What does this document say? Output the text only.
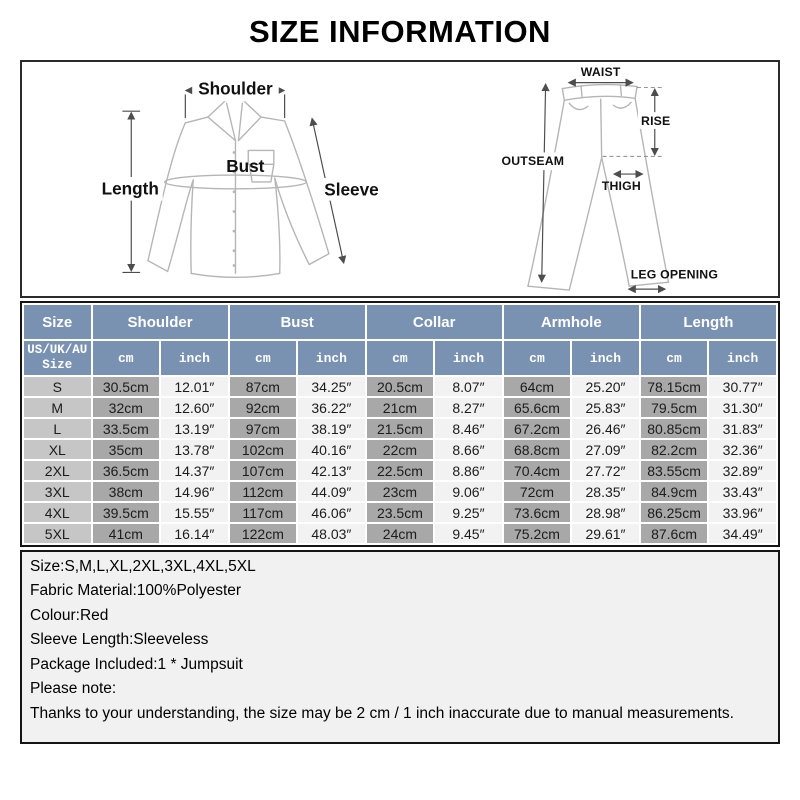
SIZE INFORMATION
Shoulder
Length
Bust
Sleeve
WAIST
RISE
OUTSEAM
THIGH
LEG OPENING
Size	Shoulder		Bust		Collar		Armhole		Length	

US/UK/AU
Size	cm	inch	cm	inch	cm	inch	cm	inch	cm	inch
S	30.5cm	12.01″	87cm	34.25″	20.5cm	8.07″	64cm	25.20″	78.15cm	30.77″
M	32cm	12.60″	92cm	36.22″	21cm	8.27″	65.6cm	25.83″	79.5cm	31.30″
L	33.5cm	13.19″	97cm	38.19″	21.5cm	8.46″	67.2cm	26.46″	80.85cm	31.83″
XL	35cm	13.78″	102cm	40.16″	22cm	8.66″	68.8cm	27.09″	82.2cm	32.36″
2XL	36.5cm	14.37″	107cm	42.13″	22.5cm	8.86″	70.4cm	27.72″	83.55cm	32.89″
3XL	38cm	14.96″	112cm	44.09″	23cm	9.06″	72cm	28.35″	84.9cm	33.43″
4XL	39.5cm	15.55″	117cm	46.06″	23.5cm	9.25″	73.6cm	28.98″	86.25cm	33.96″
5XL	41cm	16.14″	122cm	48.03″	24cm	9.45″	75.2cm	29.61″	87.6cm	34.49″
Size:S,M,L,XL,2XL,3XL,4XL,5XL
Fabric Material:100%Polyester
Colour:Red
Sleeve Length:Sleeveless
Package Included:1 * Jumpsuit
Please note:
Thanks to your understanding, the size may be 2 cm / 1 inch inaccurate due to manual measurements.
